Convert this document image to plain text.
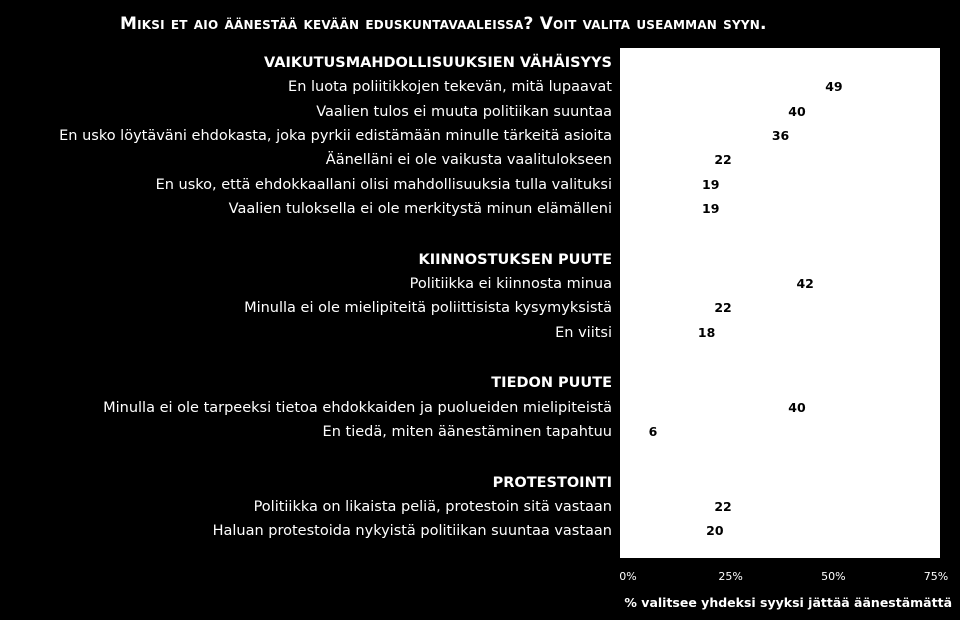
Miksi et aio äänestää kevään eduskuntavaaleissa? Voit valita useamman syyn.
VAIKUTUSMAHDOLLISUUKSIEN VÄHÄISYYS
En luota poliitikkojen tekevän, mitä lupaavat	49
Vaalien tulos ei muuta politiikan suuntaa	40
En usko löytäväni ehdokasta, joka pyrkii edistämään minulle tärkeitä asioita	36
Äänelläni ei ole vaikusta vaalitulokseen	22
En usko, että ehdokkaallani olisi mahdollisuuksia tulla valituksi	19
Vaalien tuloksella ei ole merkitystä minun elämälleni	19
KIINNOSTUKSEN PUUTE
Politiikka ei kiinnosta minua	42
Minulla ei ole mielipiteitä poliittisista kysymyksistä	22
En viitsi	18
TIEDON PUUTE
Minulla ei ole tarpeeksi tietoa ehdokkaiden ja puolueiden mielipiteistä	40
En tiedä, miten äänestäminen tapahtuu	6
PROTESTOINTI
Politiikka on likaista peliä, protestoin sitä vastaan	22
Haluan protestoida nykyistä politiikan suuntaa vastaan	20
0%	25%	50%	75%
% valitsee yhdeksi syyksi jättää äänestämättä
